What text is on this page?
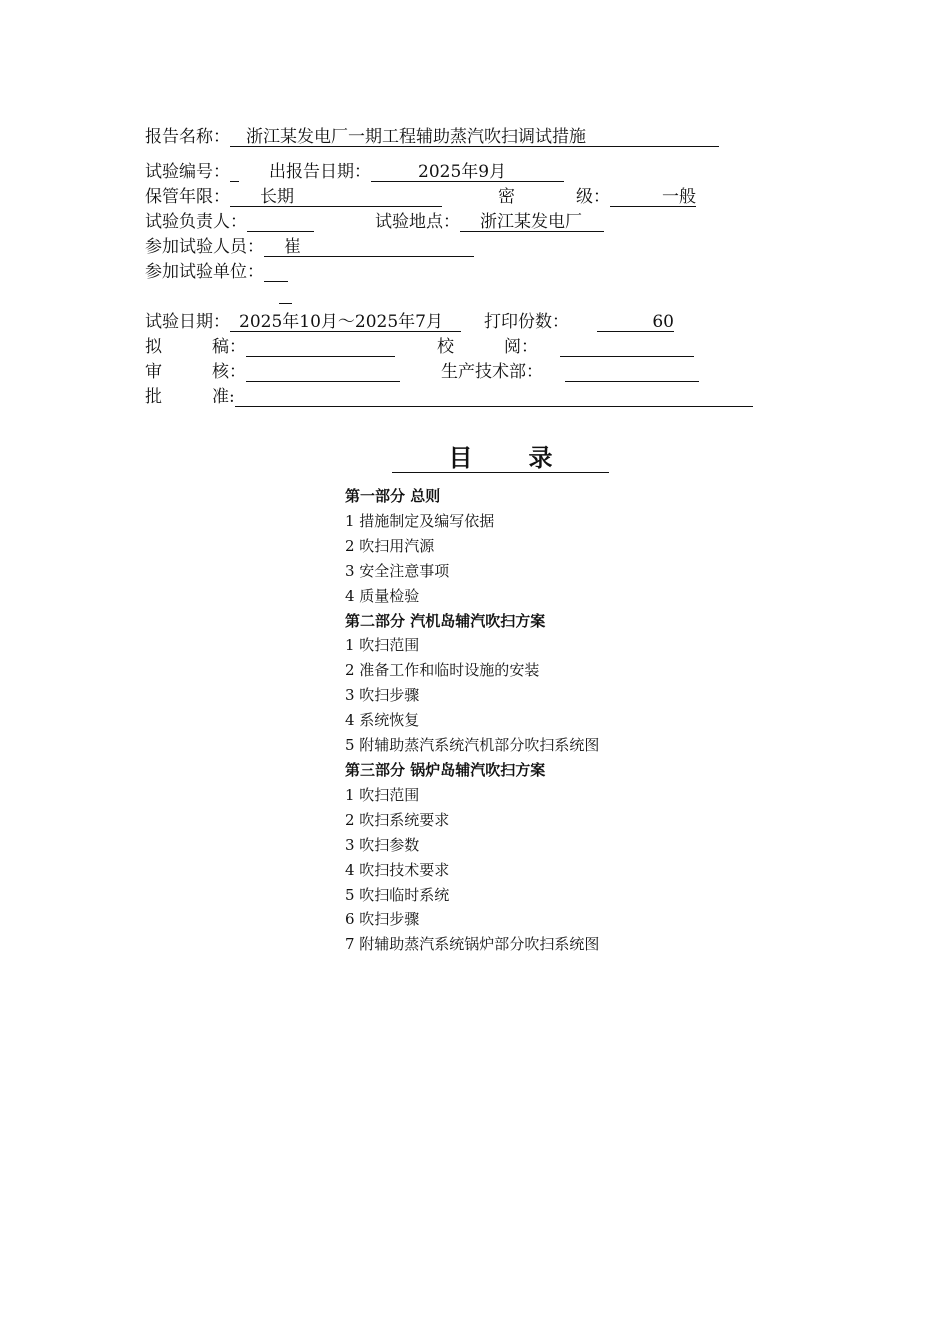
报告名称： 浙江某发电厂一期工程辅助蒸汽吹扫调试措施
试验编号：	出报告日期：	2025年9月
保管年限： 长期	密	级：	一般
试验负责人：	试验地点： 浙江某发电厂
参加试验人员： 崔
参加试验单位：
试验日期： 2025年10月～2025年7月	打印份数：	60
拟	稿：	校	阅：
审	核：	生产技术部：
批	准:
目录
第一部分 总则
1 措施制定及编写依据
2 吹扫用汽源
3 安全注意事项
4 质量检验
第二部分 汽机岛辅汽吹扫方案
1 吹扫范围
2 准备工作和临时设施的安装
3 吹扫步骤
4 系统恢复
5 附辅助蒸汽系统汽机部分吹扫系统图
第三部分 锅炉岛辅汽吹扫方案
1 吹扫范围
2 吹扫系统要求
3 吹扫参数
4 吹扫技术要求
5 吹扫临时系统
6 吹扫步骤
7 附辅助蒸汽系统锅炉部分吹扫系统图
